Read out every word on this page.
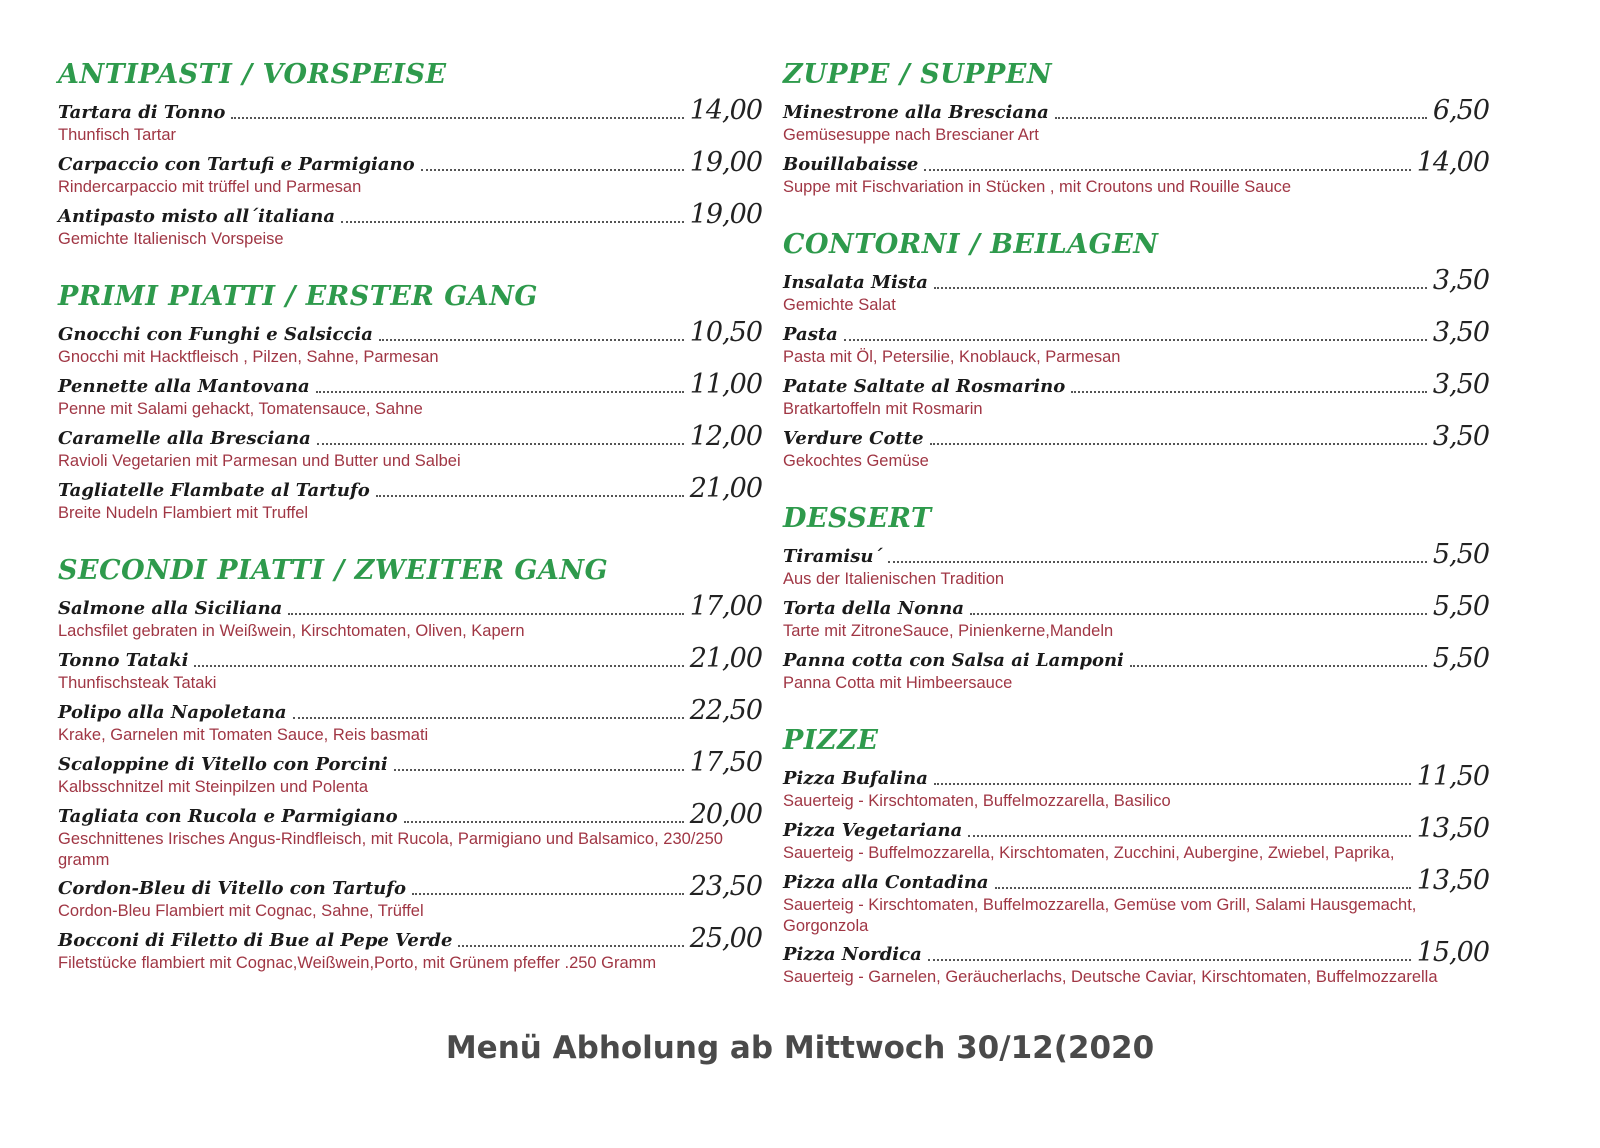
ANTIPASTI / VORSPEISE
Tartara di Tonno	14,00
Thunfisch Tartar
Carpaccio con Tartufi e Parmigiano	19,00
Rindercarpaccio mit trüffel und Parmesan
Antipasto misto all´italiana	19,00
Gemichte Italienisch Vorspeise
PRIMI PIATTI / ERSTER GANG
Gnocchi con Funghi e Salsiccia	10,50
Gnocchi mit Hacktfleisch , Pilzen, Sahne, Parmesan
Pennette alla Mantovana	11,00
Penne mit Salami gehackt, Tomatensauce, Sahne
Caramelle alla Bresciana	12,00
Ravioli Vegetarien mit Parmesan und Butter und Salbei
Tagliatelle Flambate al Tartufo	21,00
Breite Nudeln Flambiert mit Truffel
SECONDI PIATTI / ZWEITER GANG
Salmone alla Siciliana	17,00
Lachsfilet gebraten in Weißwein, Kirschtomaten, Oliven, Kapern
Tonno Tataki	21,00
Thunfischsteak Tataki
Polipo alla Napoletana	22,50
Krake, Garnelen mit Tomaten Sauce, Reis basmati
Scaloppine di Vitello con Porcini	17,50
Kalbsschnitzel mit Steinpilzen und Polenta
Tagliata con Rucola e Parmigiano	20,00
Geschnittenes Irisches Angus-Rindfleisch, mit Rucola, Parmigiano und Balsamico, 230/250 gramm
Cordon-Bleu di Vitello con Tartufo	23,50
Cordon-Bleu Flambiert mit Cognac, Sahne, Trüffel
Bocconi di Filetto di Bue al Pepe Verde	25,00
Filetstücke flambiert mit Cognac,Weißwein,Porto, mit Grünem pfeffer .250 Gramm
ZUPPE / SUPPEN
Minestrone alla Bresciana	6,50
Gemüsesuppe nach Brescianer Art
Bouillabaisse	14,00
Suppe mit Fischvariation in Stücken , mit Croutons und Rouille Sauce
CONTORNI / BEILAGEN
Insalata Mista	3,50
Gemichte Salat
Pasta	3,50
Pasta mit Öl, Petersilie, Knoblauck, Parmesan
Patate Saltate al Rosmarino	3,50
Bratkartoffeln mit Rosmarin
Verdure Cotte	3,50
Gekochtes Gemüse
DESSERT
Tiramisu´	5,50
Aus der Italienischen Tradition
Torta della Nonna	5,50
Tarte mit ZitroneSauce, Pinienkerne,Mandeln
Panna cotta con Salsa ai Lamponi	5,50
Panna Cotta mit Himbeersauce
PIZZE
Pizza Bufalina	11,50
Sauerteig - Kirschtomaten, Buffelmozzarella, Basilico
Pizza Vegetariana	13,50
Sauerteig - Buffelmozzarella, Kirschtomaten, Zucchini, Aubergine, Zwiebel, Paprika,
Pizza alla Contadina	13,50
Sauerteig - Kirschtomaten, Buffelmozzarella, Gemüse vom Grill, Salami Hausgemacht, Gorgonzola
Pizza Nordica	15,00
Sauerteig - Garnelen, Geräucherlachs, Deutsche Caviar, Kirschtomaten, Buffelmozzarella
Menü Abholung ab Mittwoch 30/12(2020
